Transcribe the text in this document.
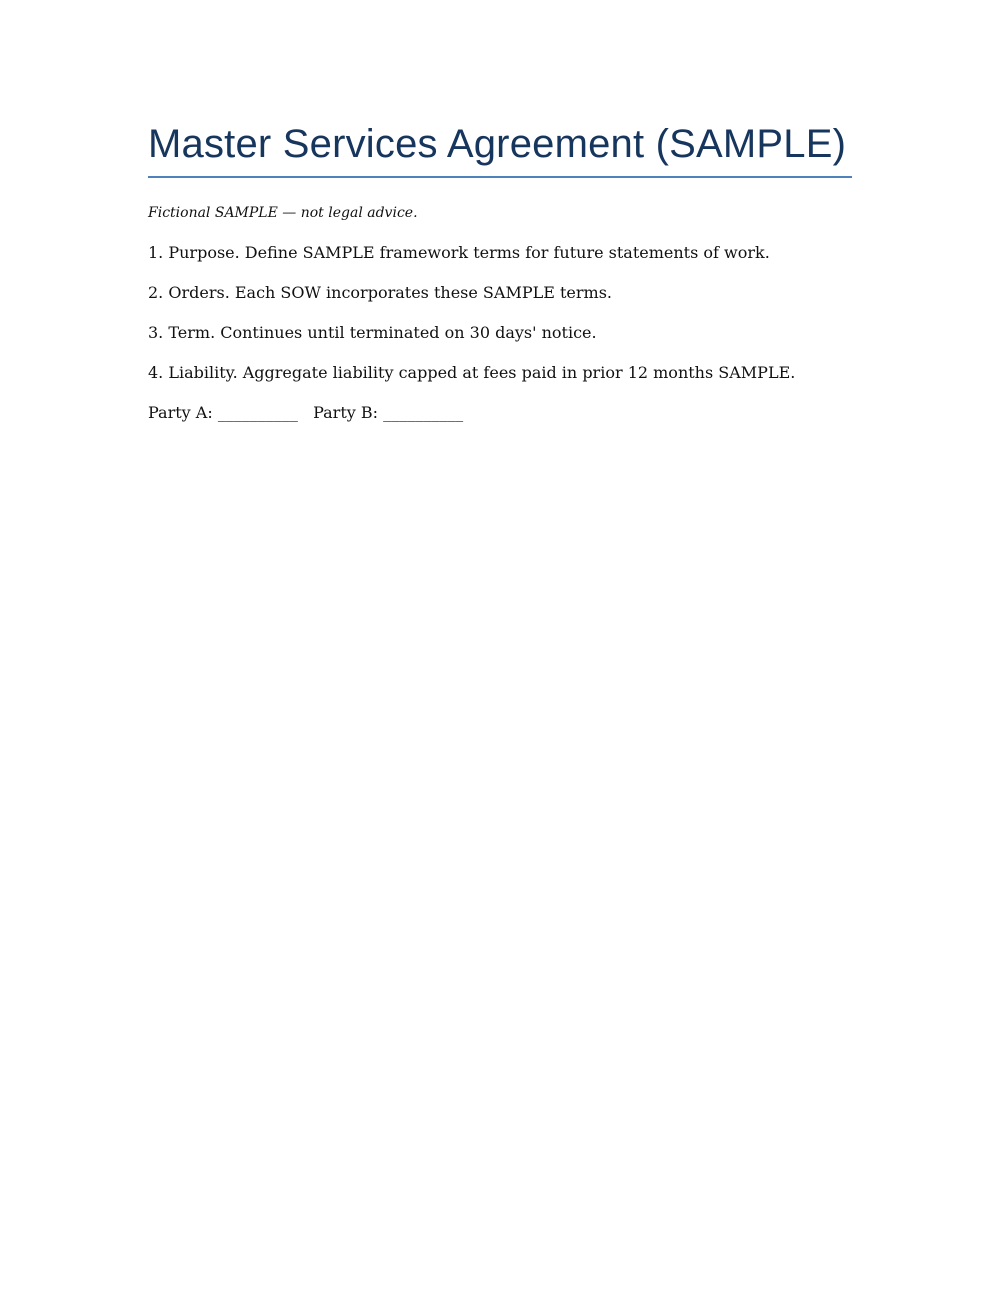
Master Services Agreement (SAMPLE)

Fictional SAMPLE — not legal advice.

1. Purpose. Define SAMPLE framework terms for future statements of work.

2. Orders. Each SOW incorporates these SAMPLE terms.

3. Term. Continues until terminated on 30 days' notice.

4. Liability. Aggregate liability capped at fees paid in prior 12 months SAMPLE.

Party A: __________   Party B: __________
